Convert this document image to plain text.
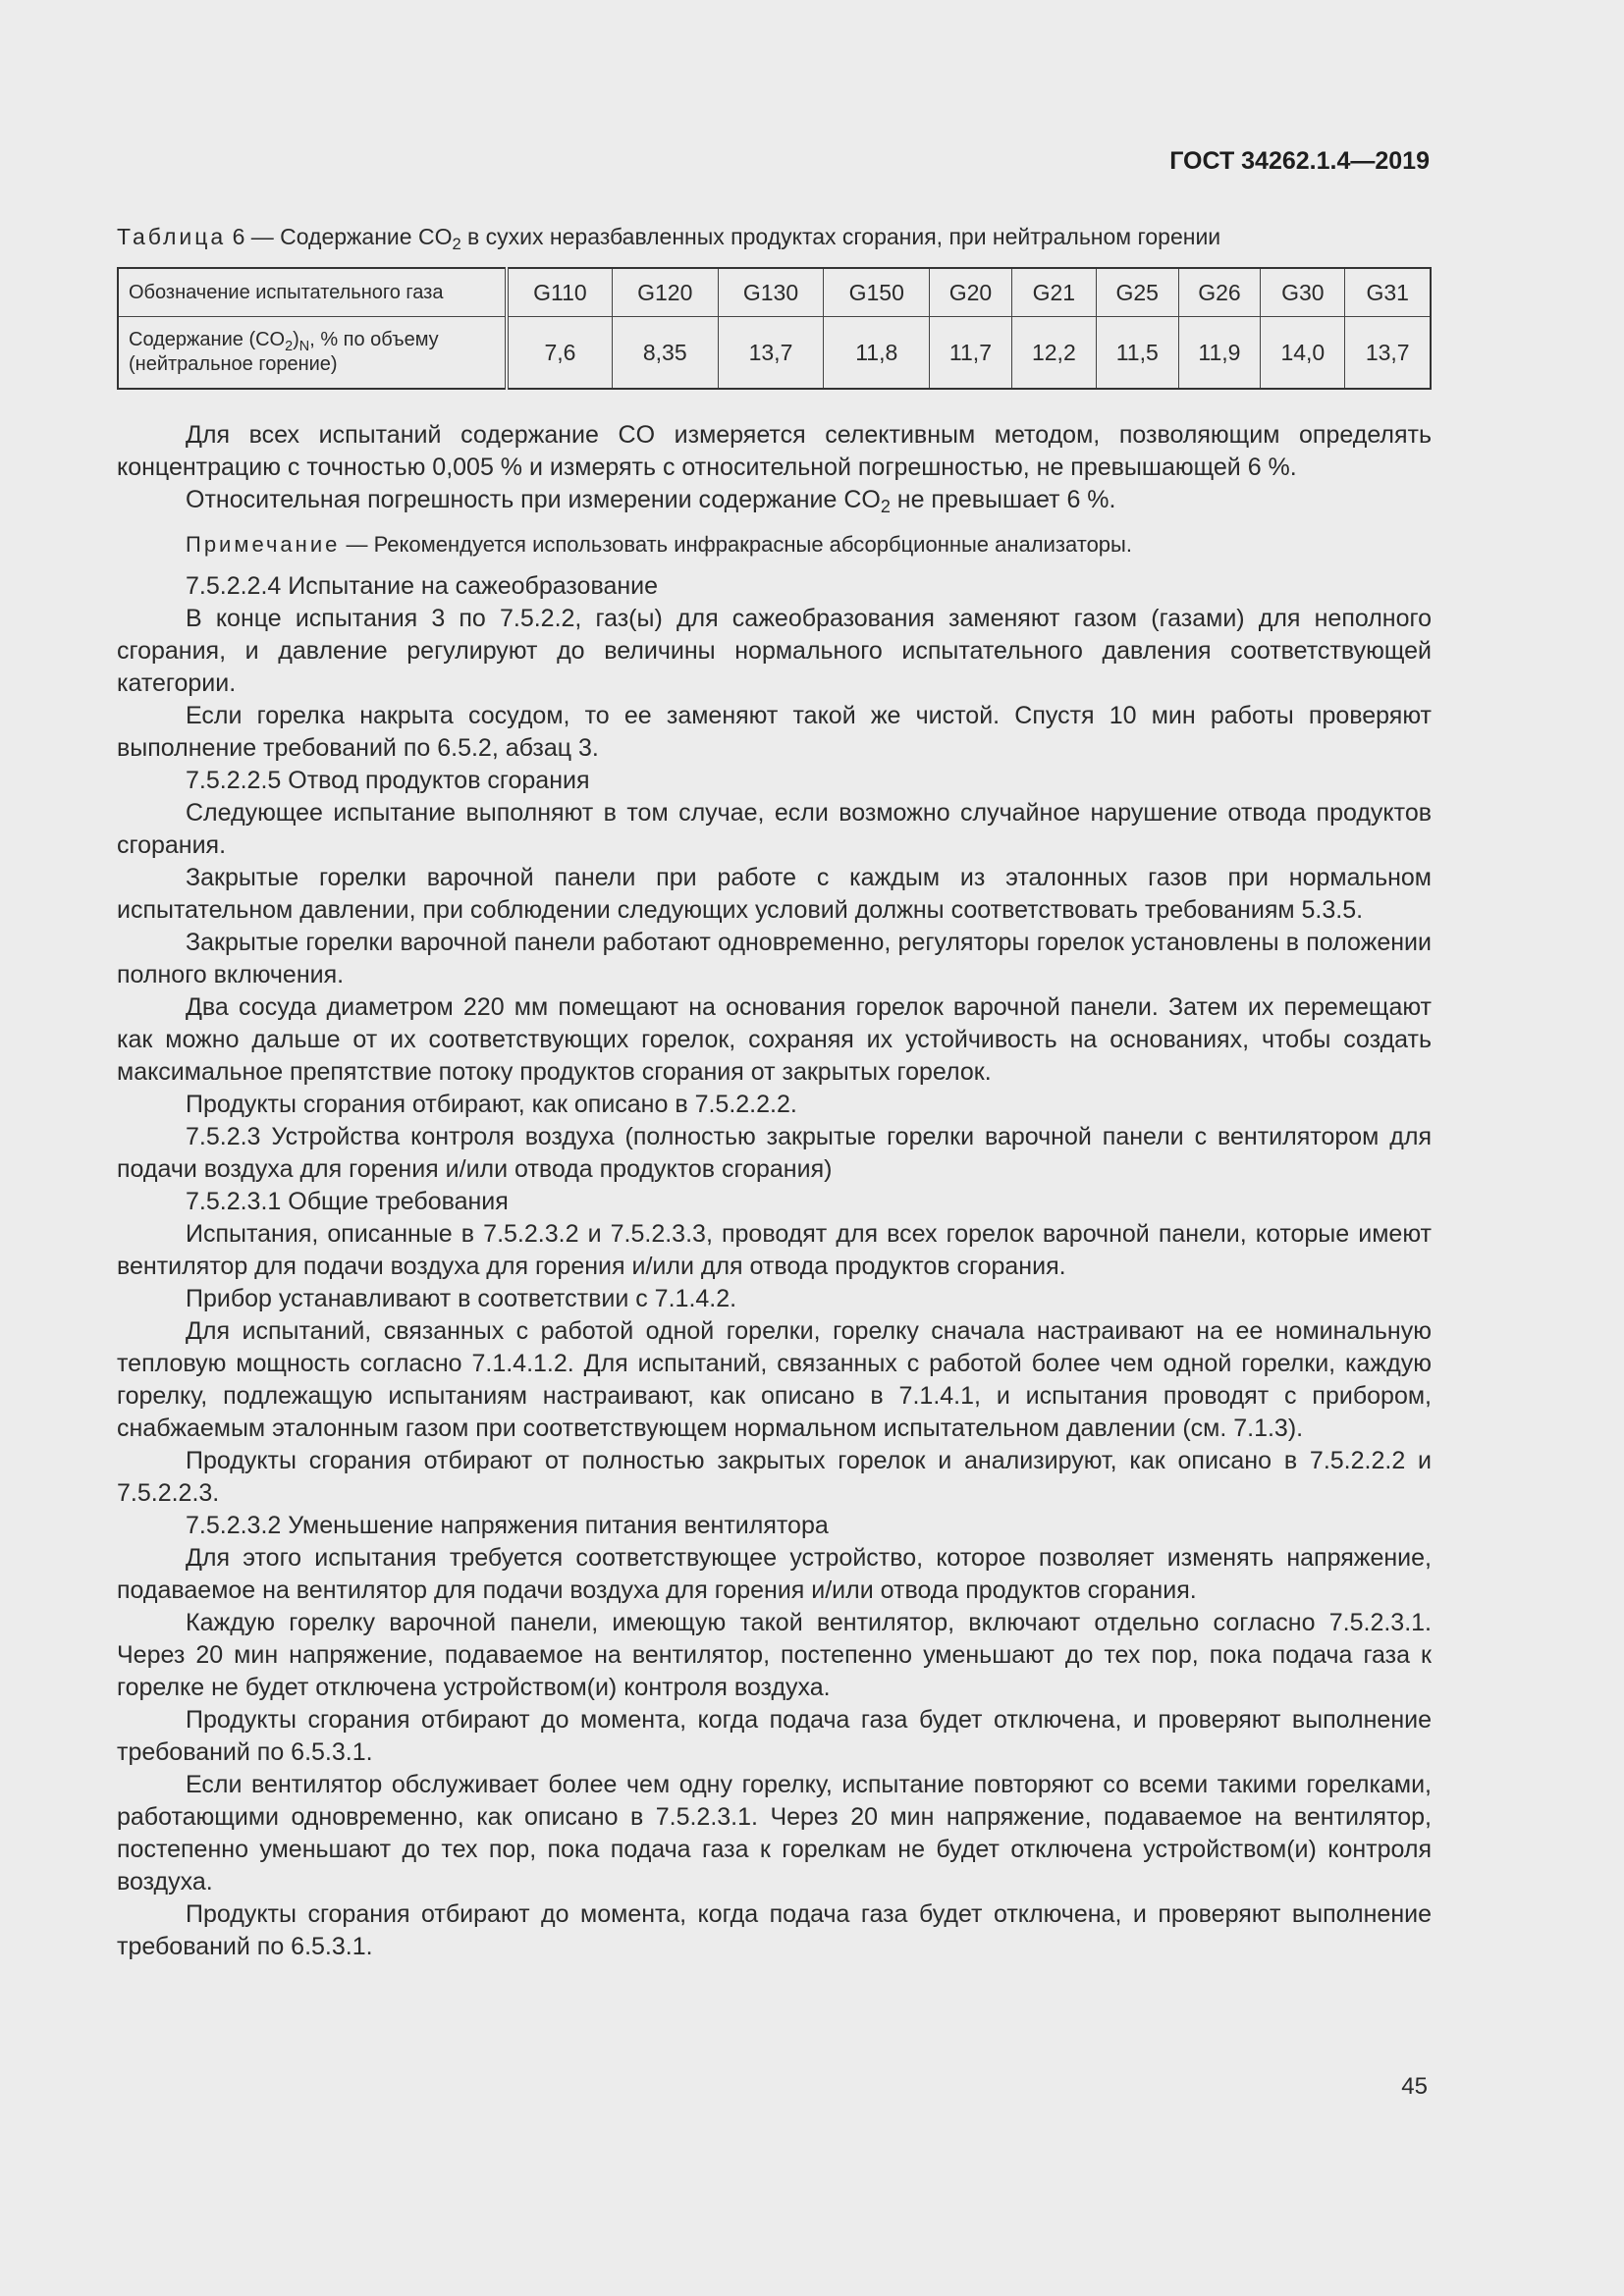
ГОСТ 34262.1.4—2019
Таблица 6 — Содержание $CO_2$ в сухих неразбавленных продуктах сгорания, при нейтральном горении
Обозначение испытательного газа	G110	G120	G130	G150	G20	G21	G25	G26	G30	G31
Содержание $(CO_2)_N$, % по объему
(нейтральное горение)	7,6	8,35	13,7	11,8	11,7	12,2	11,5	11,9	14,0	13,7

Для всех испытаний содержание CO измеряется селективным методом, позволяющим определять концентрацию с точностью 0,005 % и измерять с относительной погрешностью, не превышающей 6 %.

Относительная погрешность при измерении содержание $CO_2$ не превышает 6 %.

Примечание — Рекомендуется использовать инфракрасные абсорбционные анализаторы.

7.5.2.2.4 Испытание на сажеобразование

В конце испытания 3 по 7.5.2.2, газ(ы) для сажеобразования заменяют газом (газами) для неполного сгорания, и давление регулируют до величины нормального испытательного давления соответствующей категории.

Если горелка накрыта сосудом, то ее заменяют такой же чистой. Спустя 10 мин работы проверяют выполнение требований по 6.5.2, абзац 3.

7.5.2.2.5 Отвод продуктов сгорания

Следующее испытание выполняют в том случае, если возможно случайное нарушение отвода продуктов сгорания.

Закрытые горелки варочной панели при работе с каждым из эталонных газов при нормальном испытательном давлении, при соблюдении следующих условий должны соответствовать требованиям 5.3.5.

Закрытые горелки варочной панели работают одновременно, регуляторы горелок установлены в положении полного включения.

Два сосуда диаметром 220 мм помещают на основания горелок варочной панели. Затем их перемещают как можно дальше от их соответствующих горелок, сохраняя их устойчивость на основаниях, чтобы создать максимальное препятствие потоку продуктов сгорания от закрытых горелок.

Продукты сгорания отбирают, как описано в 7.5.2.2.2.

7.5.2.3 Устройства контроля воздуха (полностью закрытые горелки варочной панели с вентилятором для подачи воздуха для горения и/или отвода продуктов сгорания)

7.5.2.3.1 Общие требования

Испытания, описанные в 7.5.2.3.2 и 7.5.2.3.3, проводят для всех горелок варочной панели, которые имеют вентилятор для подачи воздуха для горения и/или для отвода продуктов сгорания.

Прибор устанавливают в соответствии с 7.1.4.2.

Для испытаний, связанных с работой одной горелки, горелку сначала настраивают на ее номинальную тепловую мощность согласно 7.1.4.1.2. Для испытаний, связанных с работой более чем одной горелки, каждую горелку, подлежащую испытаниям настраивают, как описано в 7.1.4.1, и испытания проводят с прибором, снабжаемым эталонным газом при соответствующем нормальном испытательном давлении (см. 7.1.3).

Продукты сгорания отбирают от полностью закрытых горелок и анализируют, как описано в 7.5.2.2.2 и 7.5.2.2.3.

7.5.2.3.2 Уменьшение напряжения питания вентилятора

Для этого испытания требуется соответствующее устройство, которое позволяет изменять напряжение, подаваемое на вентилятор для подачи воздуха для горения и/или отвода продуктов сгорания.

Каждую горелку варочной панели, имеющую такой вентилятор, включают отдельно согласно 7.5.2.3.1. Через 20 мин напряжение, подаваемое на вентилятор, постепенно уменьшают до тех пор, пока подача газа к горелке не будет отключена устройством(и) контроля воздуха.

Продукты сгорания отбирают до момента, когда подача газа будет отключена, и проверяют выполнение требований по 6.5.3.1.

Если вентилятор обслуживает более чем одну горелку, испытание повторяют со всеми такими горелками, работающими одновременно, как описано в 7.5.2.3.1. Через 20 мин напряжение, подаваемое на вентилятор, постепенно уменьшают до тех пор, пока подача газа к горелкам не будет отключена устройством(и) контроля воздуха.

Продукты сгорания отбирают до момента, когда подача газа будет отключена, и проверяют выполнение требований по 6.5.3.1.

45
